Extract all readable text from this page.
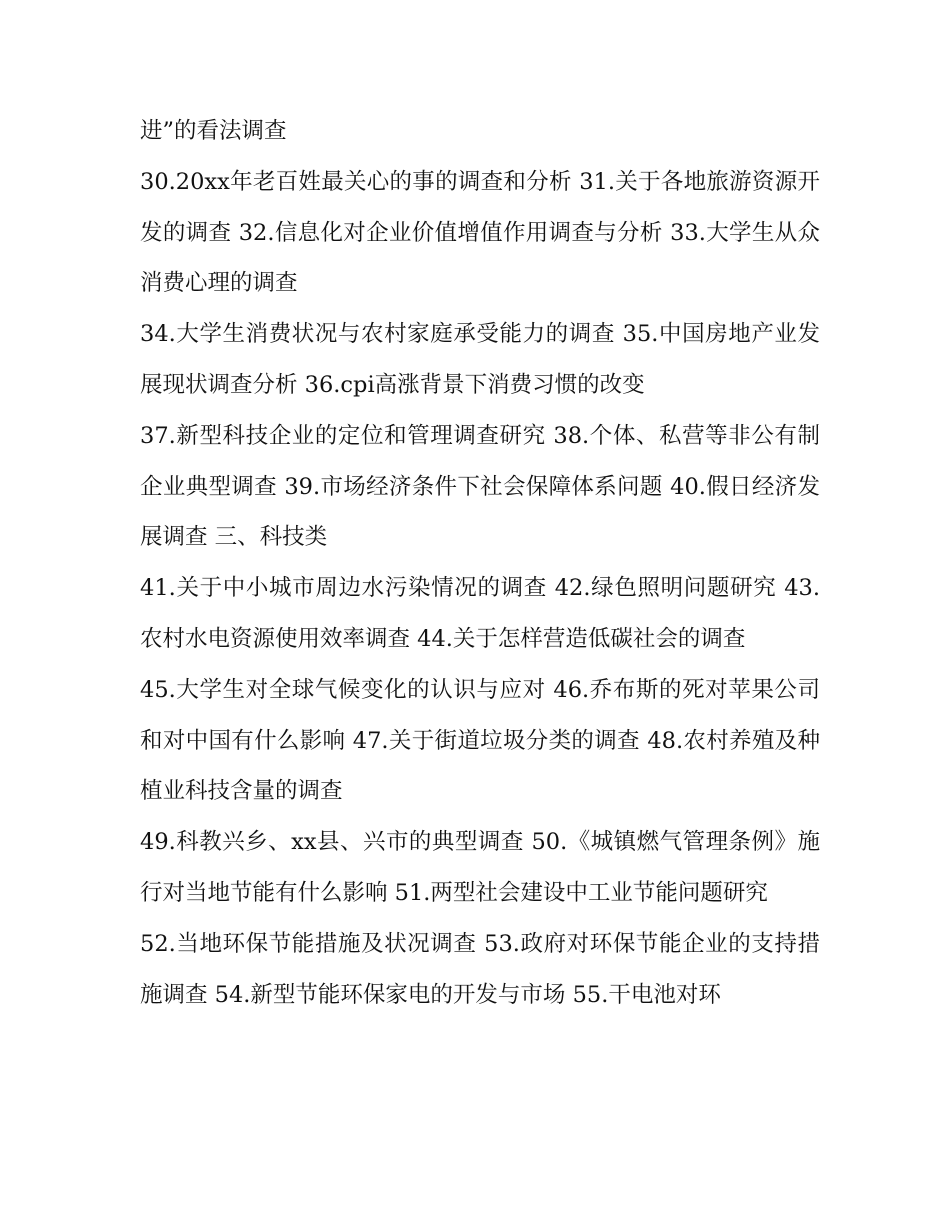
进”的看法调查

30.20xx年老百姓最关心的事的调查和分析 31.关于各地旅游资源开发的调查 32.信息化对企业价值增值作用调查与分析 33.大学生从众消费心理的调查

34.大学生消费状况与农村家庭承受能力的调查 35.中国房地产业发展现状调查分析 36.cpi高涨背景下消费习惯的改变

37.新型科技企业的定位和管理调查研究 38.个体、私营等非公有制企业典型调查 39.市场经济条件下社会保障体系问题 40.假日经济发展调查 三、科技类

41.关于中小城市周边水污染情况的调查 42.绿色照明问题研究 43.农村水电资源使用效率调查 44.关于怎样营造低碳社会的调查

45.大学生对全球气候变化的认识与应对 46.乔布斯的死对苹果公司和对中国有什么影响 47.关于街道垃圾分类的调查 48.农村养殖及种植业科技含量的调查

49.科教兴乡、xx县、兴市的典型调查 50.《城镇燃气管理条例》施行对当地节能有什么影响 51.两型社会建设中工业节能问题研究

52.当地环保节能措施及状况调查 53.政府对环保节能企业的支持措施调查 54.新型节能环保家电的开发与市场 55.干电池对环
